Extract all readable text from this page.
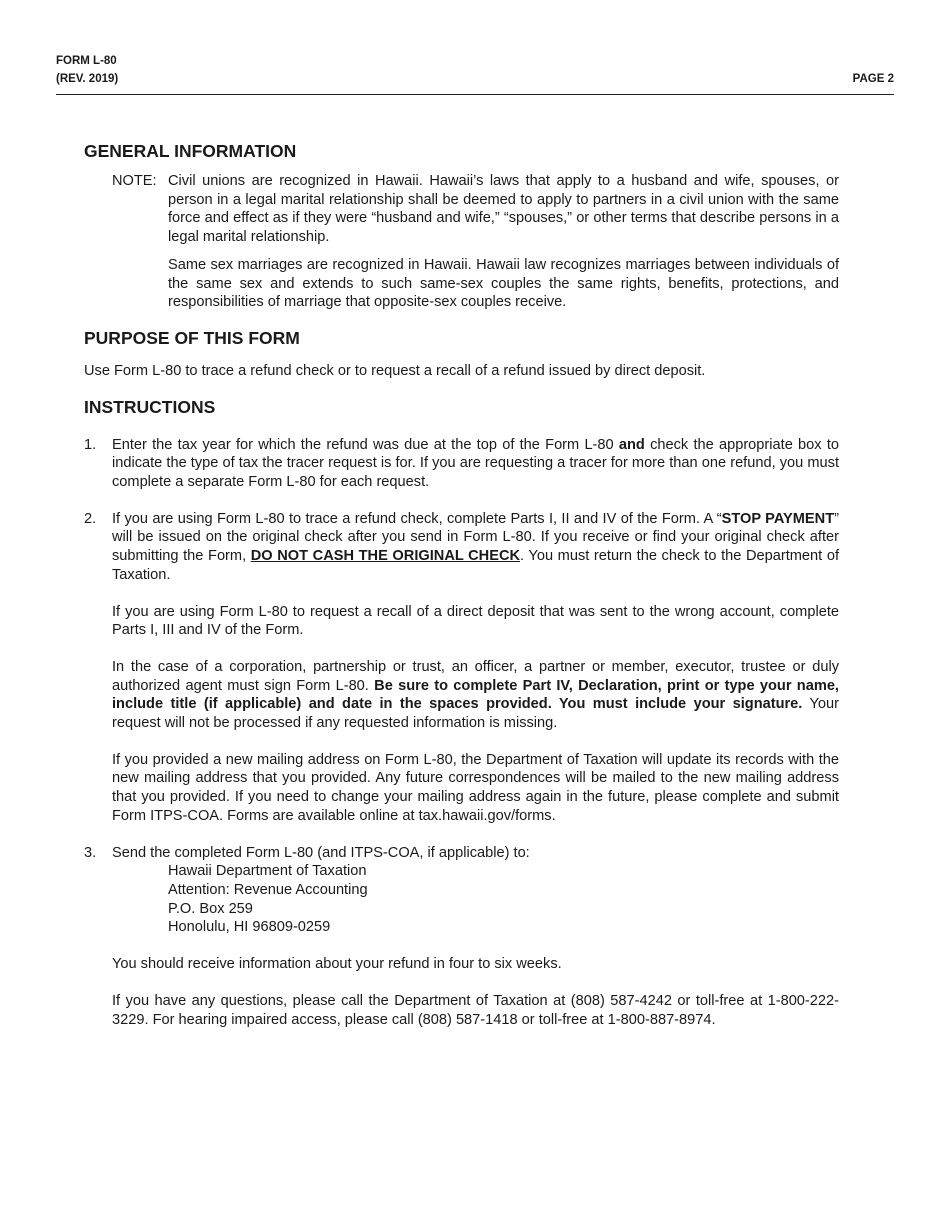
FORM L-80
(REV. 2019)	PAGE 2
GENERAL INFORMATION
NOTE: Civil unions are recognized in Hawaii. Hawaii’s laws that apply to a husband and wife, spouses, or person in a legal marital relationship shall be deemed to apply to partners in a civil union with the same force and effect as if they were “husband and wife,” “spouses,” or other terms that describe persons in a legal marital relationship.

Same sex marriages are recognized in Hawaii. Hawaii law recognizes marriages between individuals of the same sex and extends to such same-sex couples the same rights, benefits, protections, and responsibilities of marriage that opposite-sex couples receive.

PURPOSE OF THIS FORM

Use Form L-80 to trace a refund check or to request a recall of a refund issued by direct deposit.

INSTRUCTIONS
1. Enter the tax year for which the refund was due at the top of the Form L-80 and check the appropriate box to indicate the type of tax the tracer request is for. If you are requesting a tracer for more than one refund, you must complete a separate Form L-80 for each request.

2. If you are using Form L-80 to trace a refund check, complete Parts I, II and IV of the Form. A “STOP PAYMENT” will be issued on the original check after you send in Form L-80. If you receive or find your original check after submitting the Form, DO NOT CASH THE ORIGINAL CHECK. You must return the check to the Department of Taxation.

If you are using Form L-80 to request a recall of a direct deposit that was sent to the wrong account, complete Parts I, III and IV of the Form.

In the case of a corporation, partnership or trust, an officer, a partner or member, executor, trustee or duly authorized agent must sign Form L-80. Be sure to complete Part IV, Declaration, print or type your name, include title (if applicable) and date in the spaces provided. You must include your signature. Your request will not be processed if any requested information is missing.

If you provided a new mailing address on Form L-80, the Department of Taxation will update its records with the new mailing address that you provided. Any future correspondences will be mailed to the new mailing address that you provided. If you need to change your mailing address again in the future, please complete and submit Form ITPS-COA. Forms are available online at tax.hawaii.gov/forms.

3. Send the completed Form L-80 (and ITPS-COA, if applicable) to:

Hawaii Department of Taxation
Attention: Revenue Accounting
P.O. Box 259
Honolulu, HI 96809-0259

You should receive information about your refund in four to six weeks.

If you have any questions, please call the Department of Taxation at (808) 587-4242 or toll-free at 1-800-222-3229. For hearing impaired access, please call (808) 587-1418 or toll-free at 1-800-887-8974.
